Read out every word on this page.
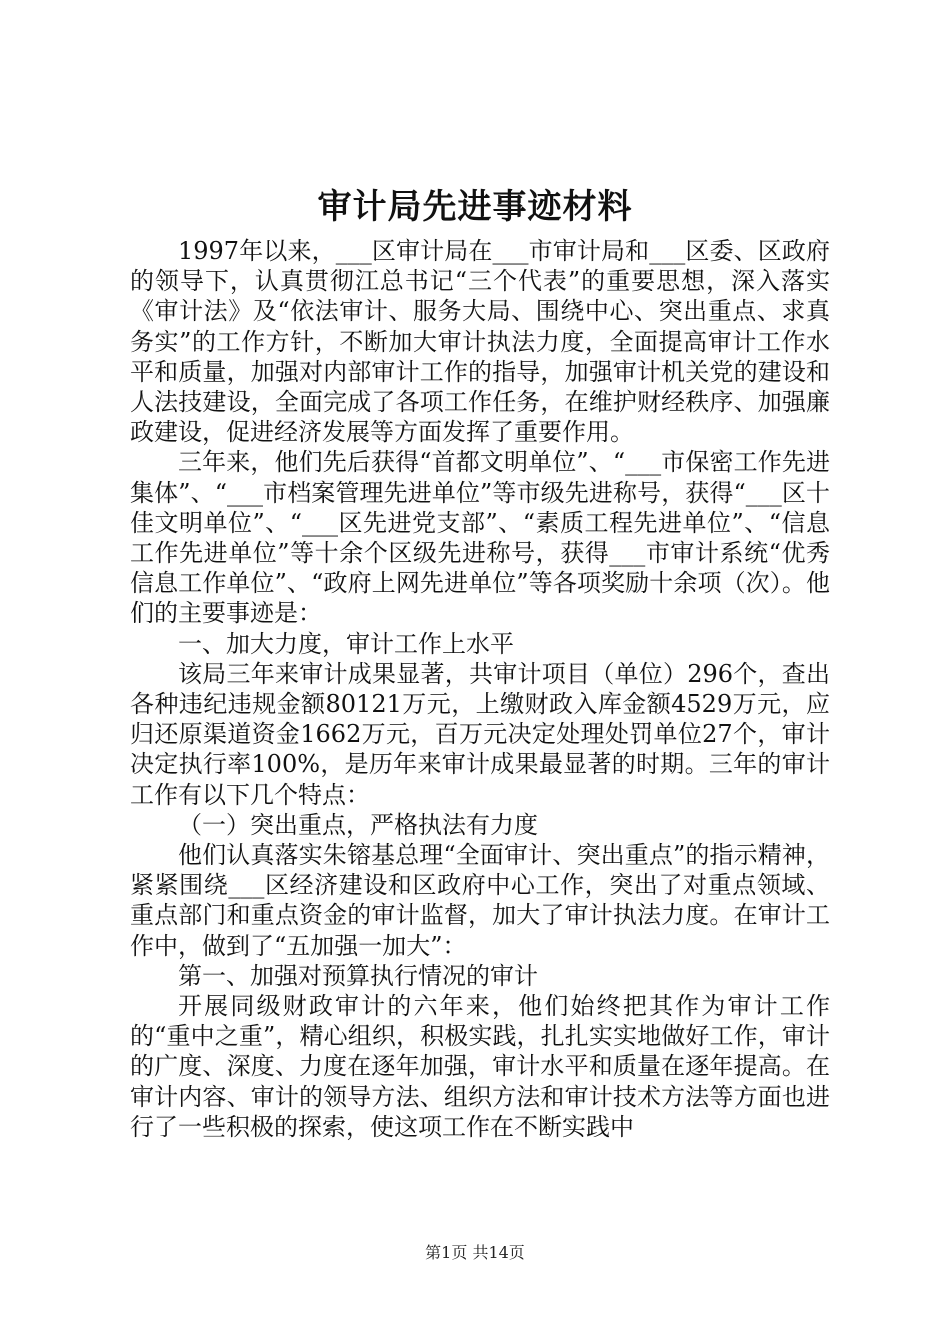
审计局先进事迹材料

1997年以来，___区审计局在___市审计局和___区委、区政府的领导下，认真贯彻江总书记“三个代表”的重要思想，深入落实《审计法》及“依法审计、服务大局、围绕中心、突出重点、求真务实”的工作方针，不断加大审计执法力度，全面提高审计工作水平和质量，加强对内部审计工作的指导，加强审计机关党的建设和人法技建设，全面完成了各项工作任务，在维护财经秩序、加强廉政建设，促进经济发展等方面发挥了重要作用。

三年来，他们先后获得“首都文明单位”、“___市保密工作先进集体”、“___市档案管理先进单位”等市级先进称号，获得“___区十佳文明单位”、“___区先进党支部”、“素质工程先进单位”、“信息工作先进单位”等十余个区级先进称号，获得___市审计系统“优秀信息工作单位”、“政府上网先进单位”等各项奖励十余项（次）。他们的主要事迹是：

一、加大力度，审计工作上水平

该局三年来审计成果显著，共审计项目（单位）296个，查出各种违纪违规金额80121万元，上缴财政入库金额4529万元，应归还原渠道资金1662万元，百万元决定处理处罚单位27个，审计决定执行率100%，是历年来审计成果最显著的时期。三年的审计工作有以下几个特点：

（一）突出重点，严格执法有力度

他们认真落实朱镕基总理“全面审计、突出重点”的指示精神，紧紧围绕___区经济建设和区政府中心工作，突出了对重点领域、重点部门和重点资金的审计监督，加大了审计执法力度。在审计工作中，做到了“五加强一加大”：

第一、加强对预算执行情况的审计

开展同级财政审计的六年来，他们始终把其作为审计工作的“重中之重”，精心组织，积极实践，扎扎实实地做好工作，审计的广度、深度、力度在逐年加强，审计水平和质量在逐年提高。在审计内容、审计的领导方法、组织方法和审计技术方法等方面也进行了一些积极的探索，使这项工作在不断实践中

第1页 共14页
